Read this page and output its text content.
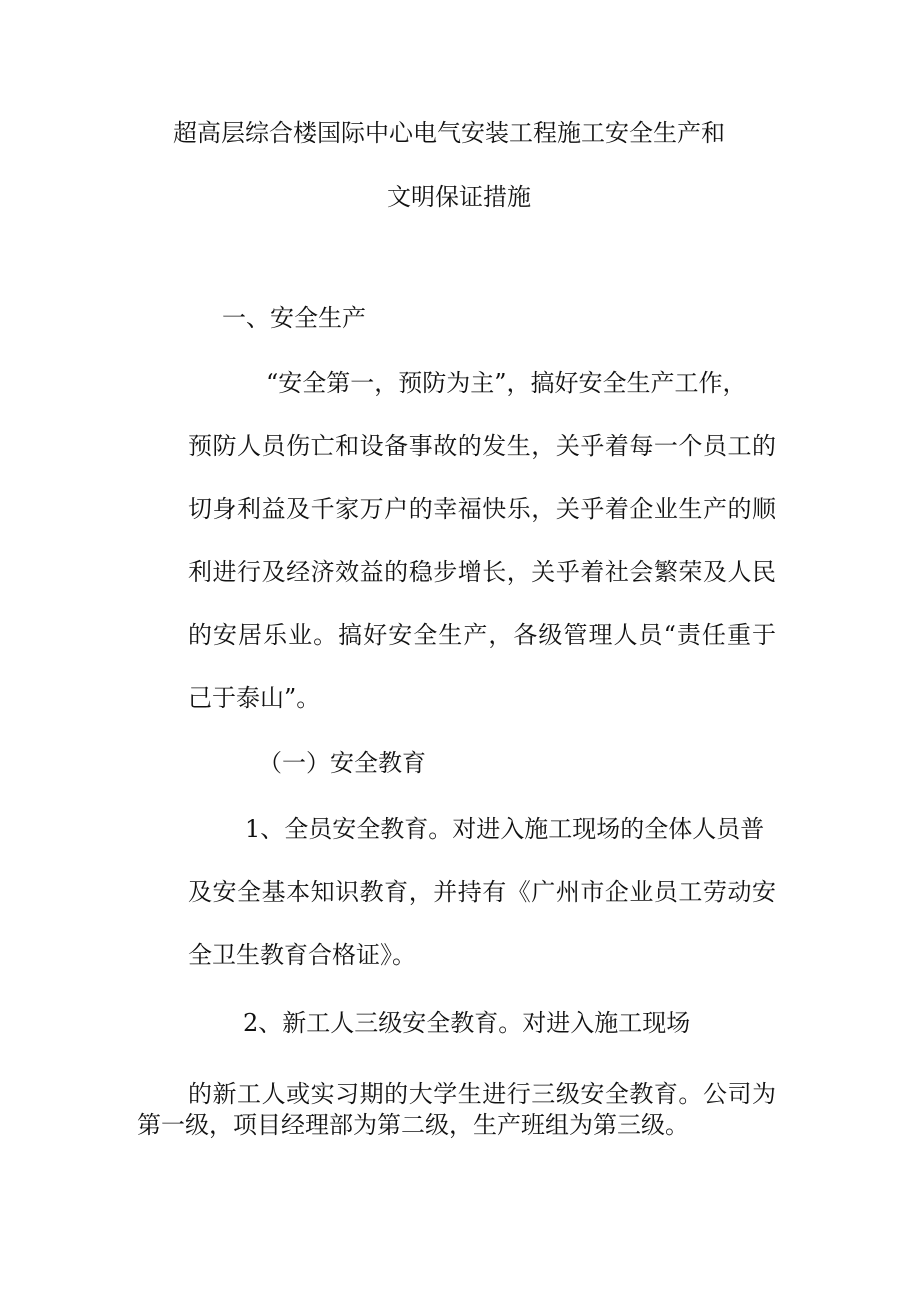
超高层综合楼国际中心电气安装工程施工安全生产和
文明保证措施
一、安全生产
“安全第一，预防为主”，搞好安全生产工作，
预防人员伤亡和设备事故的发生，关乎着每一个员工的
切身利益及千家万户的幸福快乐，关乎着企业生产的顺
利进行及经济效益的稳步增长，关乎着社会繁荣及人民
的安居乐业。搞好安全生产，各级管理人员“责任重于
己于泰山”。
（一）安全教育
1、全员安全教育。对进入施工现场的全体人员普
及安全基本知识教育，并持有《广州市企业员工劳动安
全卫生教育合格证》。
2、新工人三级安全教育。对进入施工现场
的新工人或实习期的大学生进行三级安全教育。公司为
第一级，项目经理部为第二级，生产班组为第三级。
